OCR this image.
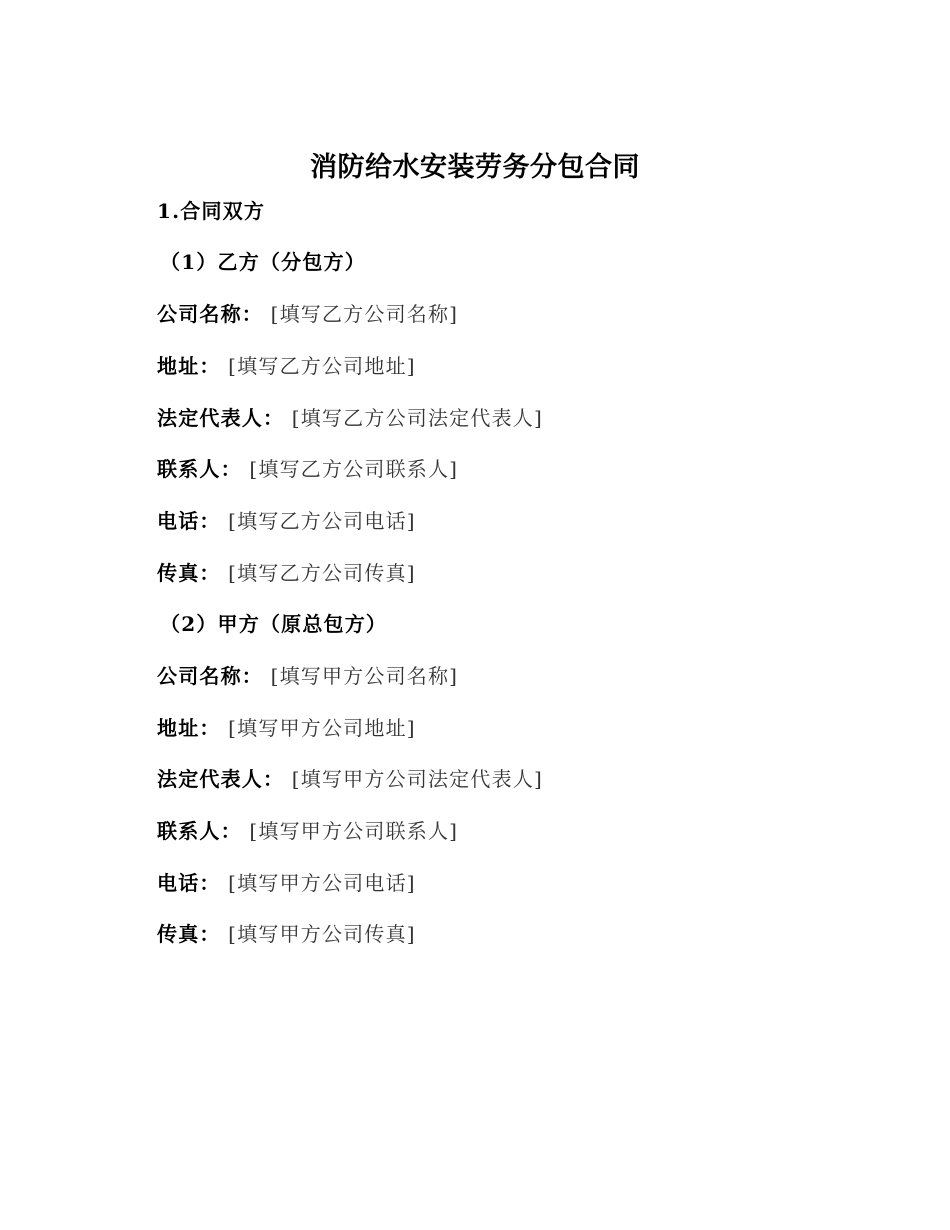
消防给水安装劳务分包合同
1.合同双方
（1）乙方（分包方）
公司名称： [填写乙方公司名称]
地址： [填写乙方公司地址]
法定代表人： [填写乙方公司法定代表人]
联系人： [填写乙方公司联系人]
电话： [填写乙方公司电话]
传真： [填写乙方公司传真]
（2）甲方（原总包方）
公司名称： [填写甲方公司名称]
地址： [填写甲方公司地址]
法定代表人： [填写甲方公司法定代表人]
联系人： [填写甲方公司联系人]
电话： [填写甲方公司电话]
传真： [填写甲方公司传真]
